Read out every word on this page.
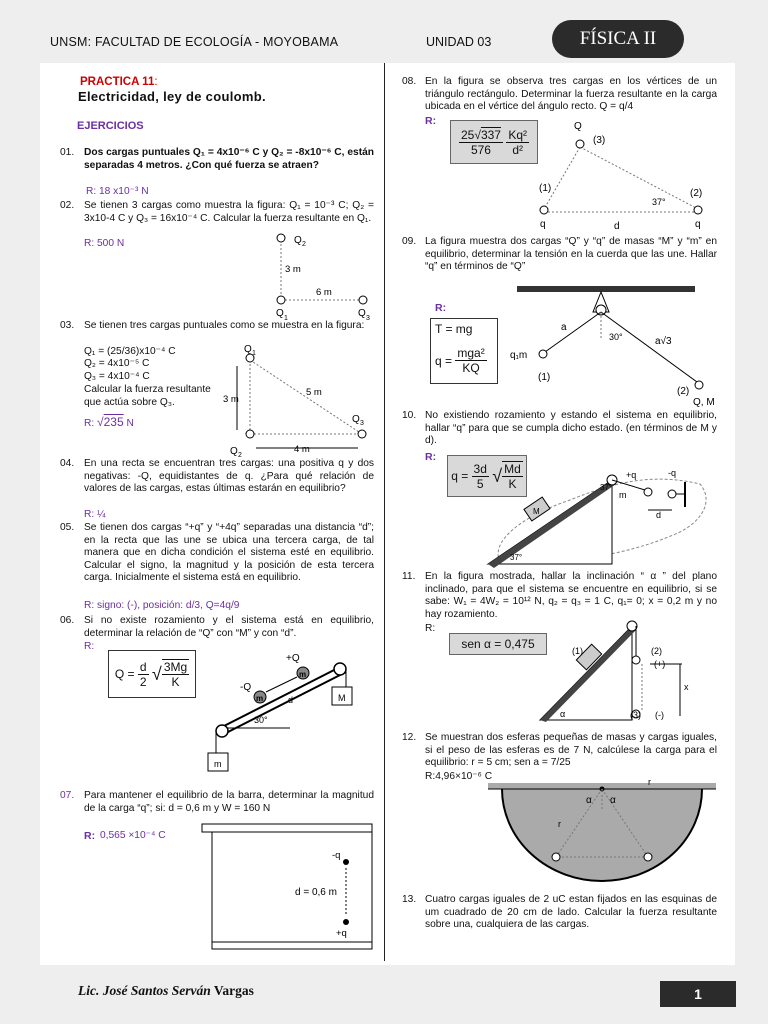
UNSM: FACULTAD DE ECOLOGÍA - MOYOBAMA	UNIDAD 03	FÍSICA II
PRACTICA 11:
Electricidad, ley de coulomb.
EJERCICIOS
01. Dos cargas puntuales Q₁ = 4x10⁻⁶ C y Q₂ = -8x10⁻⁶ C, están separadas 4 metros. ¿Con qué fuerza se atraen?
R: 18 x10⁻³ N
02. Se tienen 3 cargas como muestra la figura: Q₁ = 10⁻³ C; Q₂ = 3x10-4 C y Q₃ = 16x10⁻⁴ C. Calcular la fuerza resultante en Q₁.
R: 500 N	Q 2
3 m
6 m
Q 1	Q 3
03. Se tienen tres cargas puntuales como se muestra en la figura:
Q₁ = (25/36)x10⁻⁴ C
Q₂ = 4x10⁻⁵ C
Q₃ = 4x10⁻⁴ C
Calcular la fuerza resultante que actúa sobre Q₃.
R: √235 N
Q 1
3 m
5 m
Q 3
Q 2
4 m
04. En una recta se encuentran tres cargas: una positiva q y dos negativas: -Q, equidistantes de q. ¿Para qué relación de valores de las cargas, estas últimas estarán en equilibrio?
R: ¼
05. Se tienen dos cargas “+q” y “+4q” separadas una distancia “d”; en la recta que las une se ubica una tercera carga, de tal manera que en dicha condición el sistema esté en equilibrio. Calcular el signo, la magnitud y la posición de esta tercera carga. Inicialmente el sistema está en equilibrio.
R: signo: (-), posición: d/3, Q=4q/9
06. Si no existe rozamiento y el sistema está en equilibrio, determinar la relación de “Q” con “M” y con “d”.
R:
Q
=
$\frac{d}{2}$
√ $\frac{3Mg}{K}$
+Q
-Q
m
m
M
m
d
30°
07. Para mantener el equilibrio de la barra, determinar la magnitud de la carga “q”; si: d = 0,6 m y W = 160 N
R: 0,565 ×10⁻⁴ C
-q
d = 0,6 m
+q
08. En la figura se observa tres cargas en los vértices de un triángulo rectángulo. Determinar la fuerza resultante en la carga ubicada en el vértice del ángulo recto. Q = q/4
R:
$\frac{25√337}{576}$
$\frac{\text{Kq²}}{\text{d²}}$
Q
(3)
(1)	(2)
37°
q	d	q
09. La figura muestra dos cargas “Q” y “q” de masas “M” y “m” en equilibrio, determinar la tensión en la cuerda que las une. Hallar “q” en términos de “Q”
R:
T = mg
q =
$\frac{\text{mga²}}{KQ}$
a
30°	a√3
q₁m
(1)
(2)
Q, M
10. No existiendo rozamiento y estando el sistema en equilibrio, hallar “q” para que se cumpla dicho estado. (en términos de M y d).
R:
q =
$\frac{3d}{5}$
√ $\frac{Md}{K}$
M
+q	-q
m
d
37°
37°
11. En la figura mostrada, hallar la inclinación “ α ” del plano inclinado, para que el sistema se encuentre en equilibrio, si se sabe: W₁ = 4W₂ = 10¹² N, q₂ = q₃ = 1 C, q₁= 0; x = 0,2 m y no hay rozamiento.
R:
sen α = 0,475	(1)	(2)
(+)
x
(3) (-)
α
12. Se muestran dos esferas pequeñas de masas y cargas iguales, si el peso de las esferas es de 7 N, calcúlese la carga para el equilibrio: r = 5 cm; sen a = 7/25
R:4,96×10⁻⁶ C	r
r
α α
13. Cuatro cargas iguales de 2 uC estan fijados en las esquinas de um cuadrado de 20 cm de lado. Calcular la fuerza resultante sobre una, cualquiera de las cargas.
Lic. José Santos Serván Vargas	1
